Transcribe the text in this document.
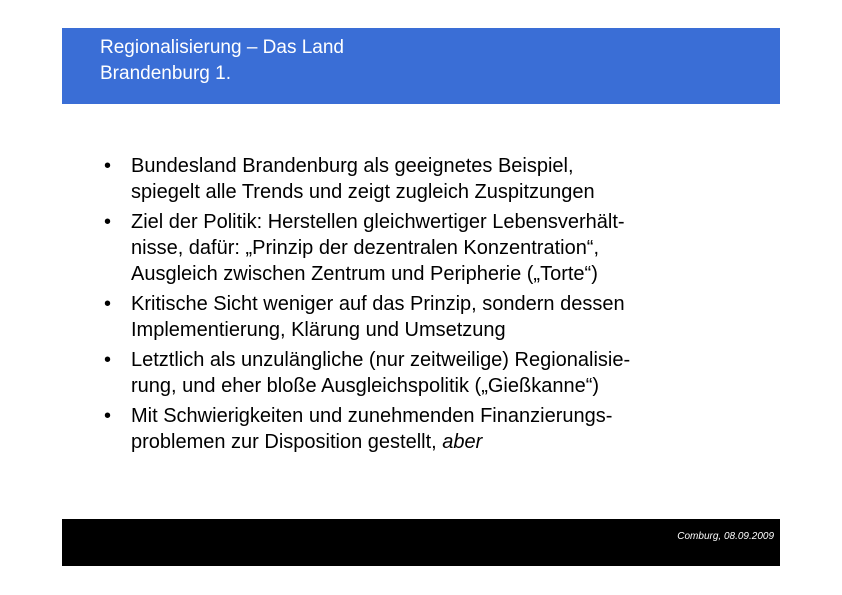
Regionalisierung – Das Land
Brandenburg 1.
• Bundesland Brandenburg als geeignetes Beispiel,
spiegelt alle Trends und zeigt zugleich Zuspitzungen
• Ziel der Politik: Herstellen gleichwertiger Lebensverhält-
nisse, dafür: „Prinzip der dezentralen Konzentration“,
Ausgleich zwischen Zentrum und Peripherie („Torte“)
• Kritische Sicht weniger auf das Prinzip, sondern dessen
Implementierung, Klärung und Umsetzung
• Letztlich als unzulängliche (nur zeitweilige) Regionalisie-
rung, und eher bloße Ausgleichspolitik („Gießkanne“)
• Mit Schwierigkeiten und zunehmenden Finanzierungs-
problemen zur Disposition gestellt, aber
Comburg, 08.09.2009
